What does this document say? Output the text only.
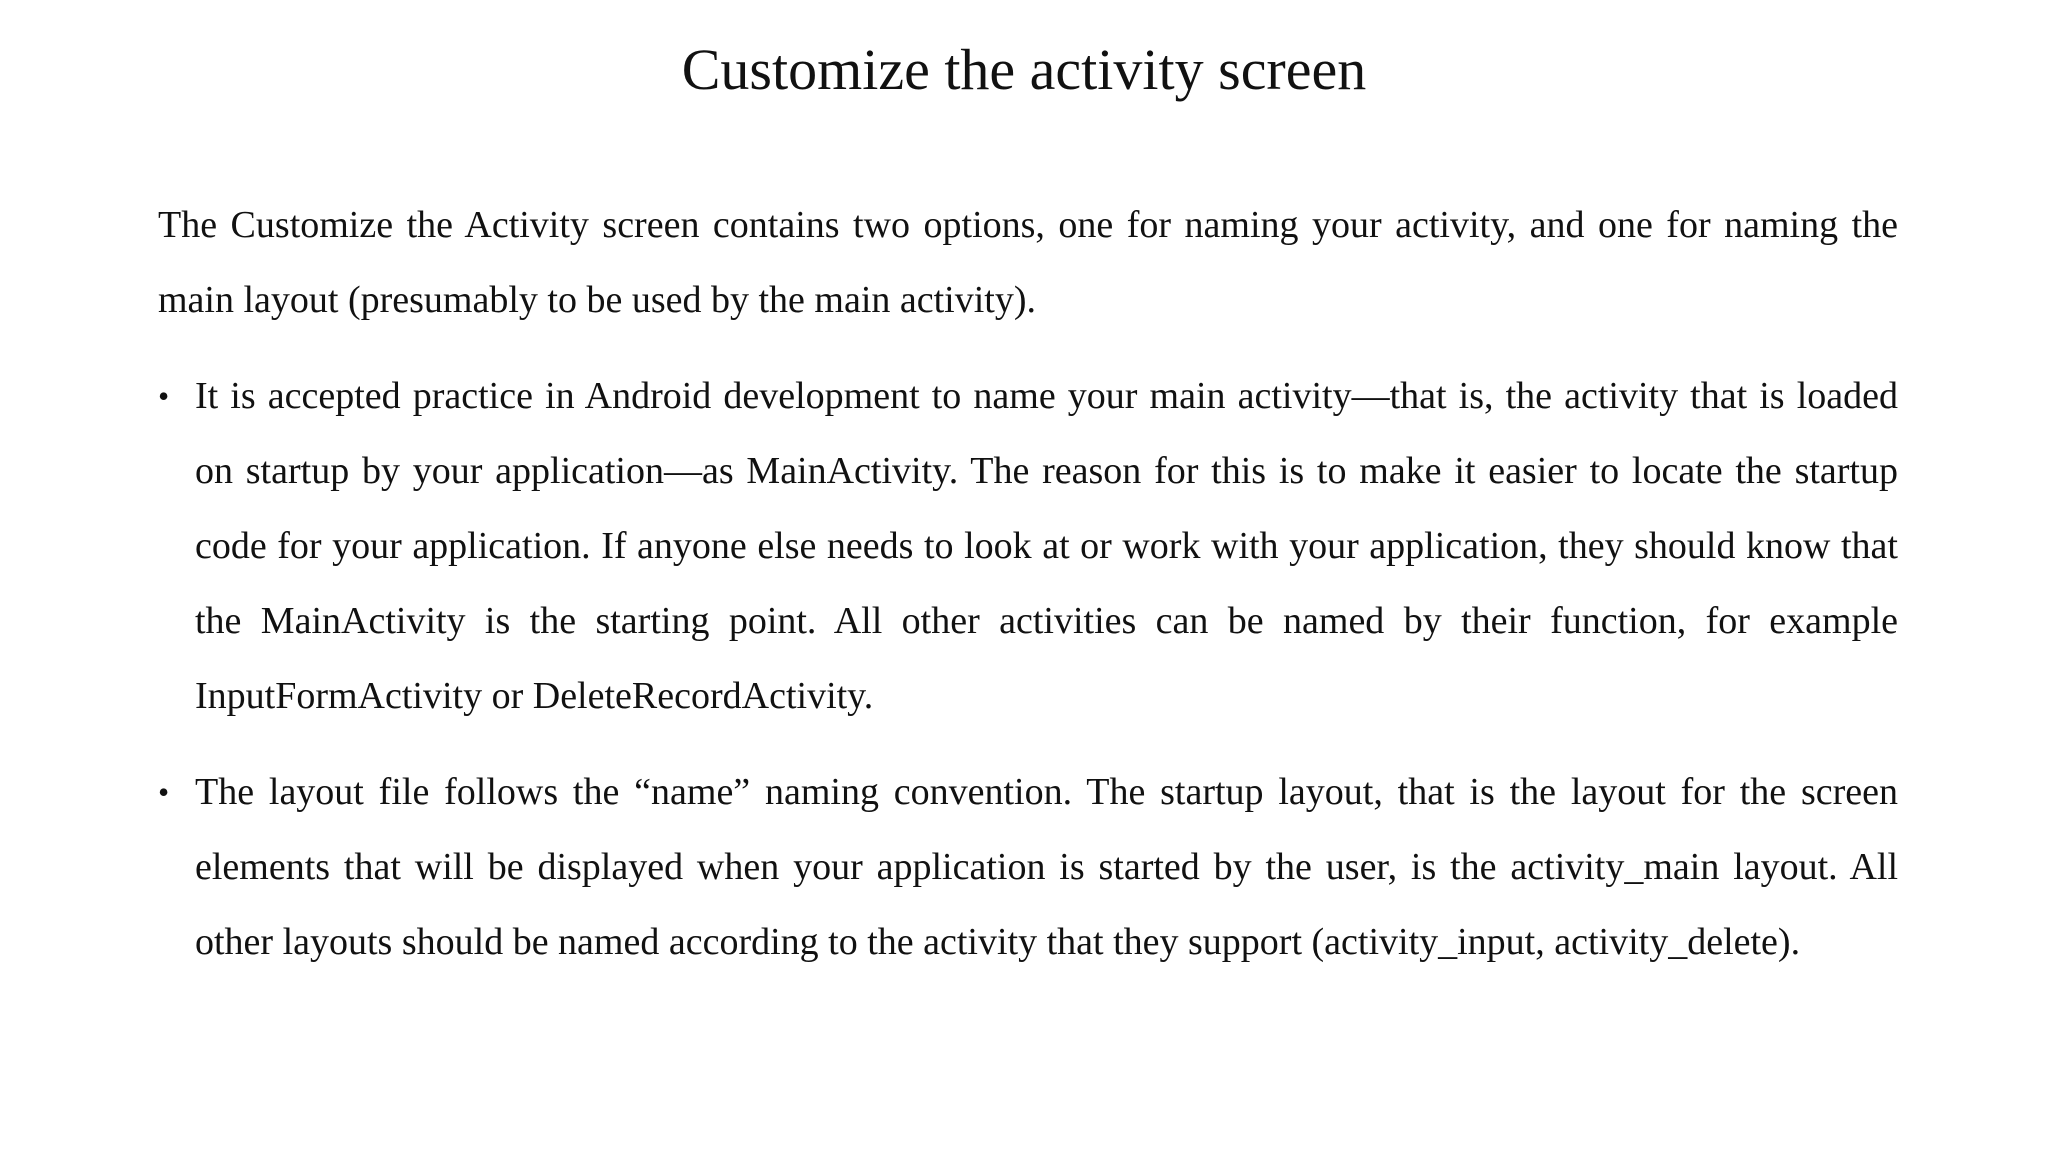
Customize the activity screen

The Customize the Activity screen contains two options, one for naming your activity, and one for naming the main layout (presumably to be used by the main activity).

• It is accepted practice in Android development to name your main activity—that is, the activity that is loaded on startup by your application—as MainActivity. The reason for this is to make it easier to locate the startup code for your application. If anyone else needs to look at or work with your application, they should know that the MainActivity is the starting point. All other activities can be named by their function, for example InputFormActivity or DeleteRecordActivity.
• The layout file follows the “name” naming convention. The startup layout, that is the layout for the screen elements that will be displayed when your application is started by the user, is the activity_main layout. All other layouts should be named according to the activity that they support (activity_input, activity_delete).
